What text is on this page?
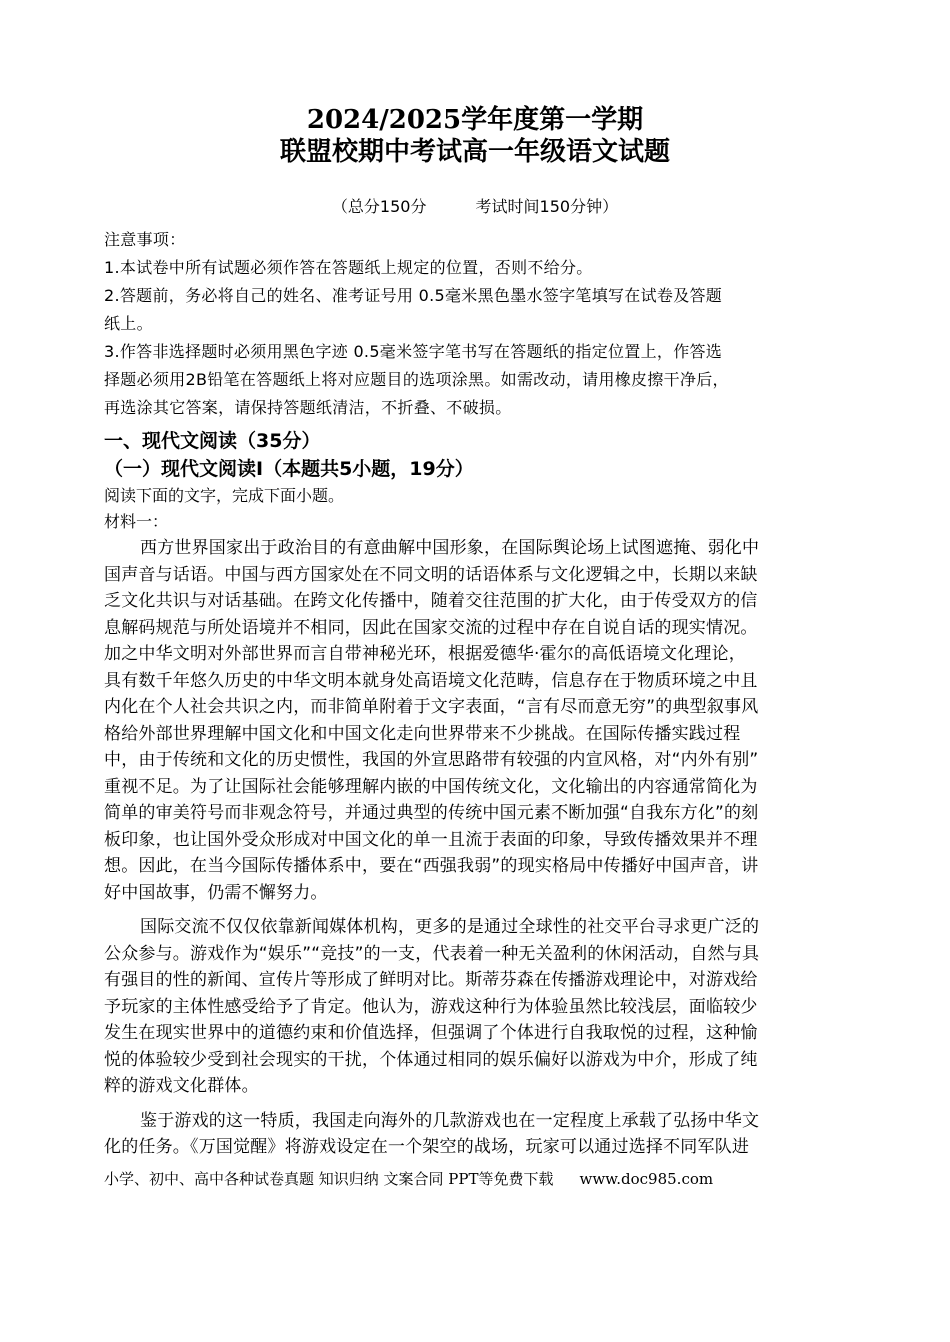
2024/2025学年度第一学期
联盟校期中考试高一年级语文试题
（总分150分	考试时间150分钟）
注意事项：
1.本试卷中所有试题必须作答在答题纸上规定的位置，否则不给分。
2.答题前，务必将自己的姓名、准考证号用 0.5毫米黑色墨水签字笔填写在试卷及答题
纸上。
3.作答非选择题时必须用黑色字迹 0.5毫米签字笔书写在答题纸的指定位置上，作答选
择题必须用2B铅笔在答题纸上将对应题目的选项涂黑。如需改动，请用橡皮擦干净后，
再选涂其它答案，请保持答题纸清洁，不折叠、不破损。
一、现代文阅读（35分）
（一）现代文阅读Ⅰ（本题共5小题，19分）
阅读下面的文字，完成下面小题。
材料一：
西方世界国家出于政治目的有意曲解中国形象，在国际舆论场上试图遮掩、弱化中
国声音与话语。中国与西方国家处在不同文明的话语体系与文化逻辑之中，长期以来缺
乏文化共识与对话基础。在跨文化传播中，随着交往范围的扩大化，由于传受双方的信
息解码规范与所处语境并不相同，因此在国家交流的过程中存在自说自话的现实情况。
加之中华文明对外部世界而言自带神秘光环，根据爱德华·霍尔的高低语境文化理论，
具有数千年悠久历史的中华文明本就身处高语境文化范畴，信息存在于物质环境之中且
内化在个人社会共识之内，而非简单附着于文字表面，“言有尽而意无穷”的典型叙事风
格给外部世界理解中国文化和中国文化走向世界带来不少挑战。在国际传播实践过程
中，由于传统和文化的历史惯性，我国的外宣思路带有较强的内宣风格，对“内外有别”
重视不足。为了让国际社会能够理解内嵌的中国传统文化，文化输出的内容通常简化为
简单的审美符号而非观念符号，并通过典型的传统中国元素不断加强“自我东方化”的刻
板印象，也让国外受众形成对中国文化的单一且流于表面的印象，导致传播效果并不理
想。因此，在当今国际传播体系中，要在“西强我弱”的现实格局中传播好中国声音，讲
好中国故事，仍需不懈努力。
国际交流不仅仅依靠新闻媒体机构，更多的是通过全球性的社交平台寻求更广泛的
公众参与。游戏作为“娱乐”“竞技”的一支，代表着一种无关盈利的休闲活动，自然与具
有强目的性的新闻、宣传片等形成了鲜明对比。斯蒂芬森在传播游戏理论中，对游戏给
予玩家的主体性感受给予了肯定。他认为，游戏这种行为体验虽然比较浅层，面临较少
发生在现实世界中的道德约束和价值选择，但强调了个体进行自我取悦的过程，这种愉
悦的体验较少受到社会现实的干扰，个体通过相同的娱乐偏好以游戏为中介，形成了纯
粹的游戏文化群体。
鉴于游戏的这一特质，我国走向海外的几款游戏也在一定程度上承载了弘扬中华文
化的任务。《万国觉醒》将游戏设定在一个架空的战场，玩家可以通过选择不同军队进
小学、初中、高中各种试卷真题 知识归纳 文案合同 PPT等免费下载 www.doc985.com
